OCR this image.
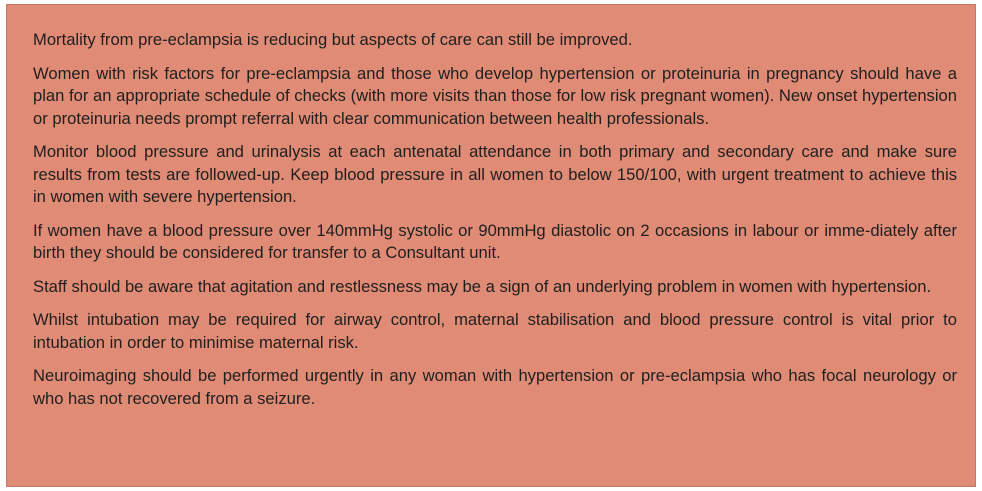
Mortality from pre-eclampsia is reducing but aspects of care can still be improved.

Women with risk factors for pre-eclampsia and those who develop hypertension or proteinuria in pregnancy should have a plan for an appropriate schedule of checks (with more visits than those for low risk pregnant women). New onset hypertension or proteinuria needs prompt referral with clear communication between health professionals.

Monitor blood pressure and urinalysis at each antenatal attendance in both primary and secondary care and make sure results from tests are followed-up. Keep blood pressure in all women to below 150/100, with urgent treatment to achieve this in women with severe hypertension.

If women have a blood pressure over 140mmHg systolic or 90mmHg diastolic on 2 occasions in labour or imme-diately after birth they should be considered for transfer to a Consultant unit.

Staff should be aware that agitation and restlessness may be a sign of an underlying problem in women with hypertension.

Whilst intubation may be required for airway control, maternal stabilisation and blood pressure control is vital prior to intubation in order to minimise maternal risk.

Neuroimaging should be performed urgently in any woman with hypertension or pre-eclampsia who has focal neurology or who has not recovered from a seizure.
